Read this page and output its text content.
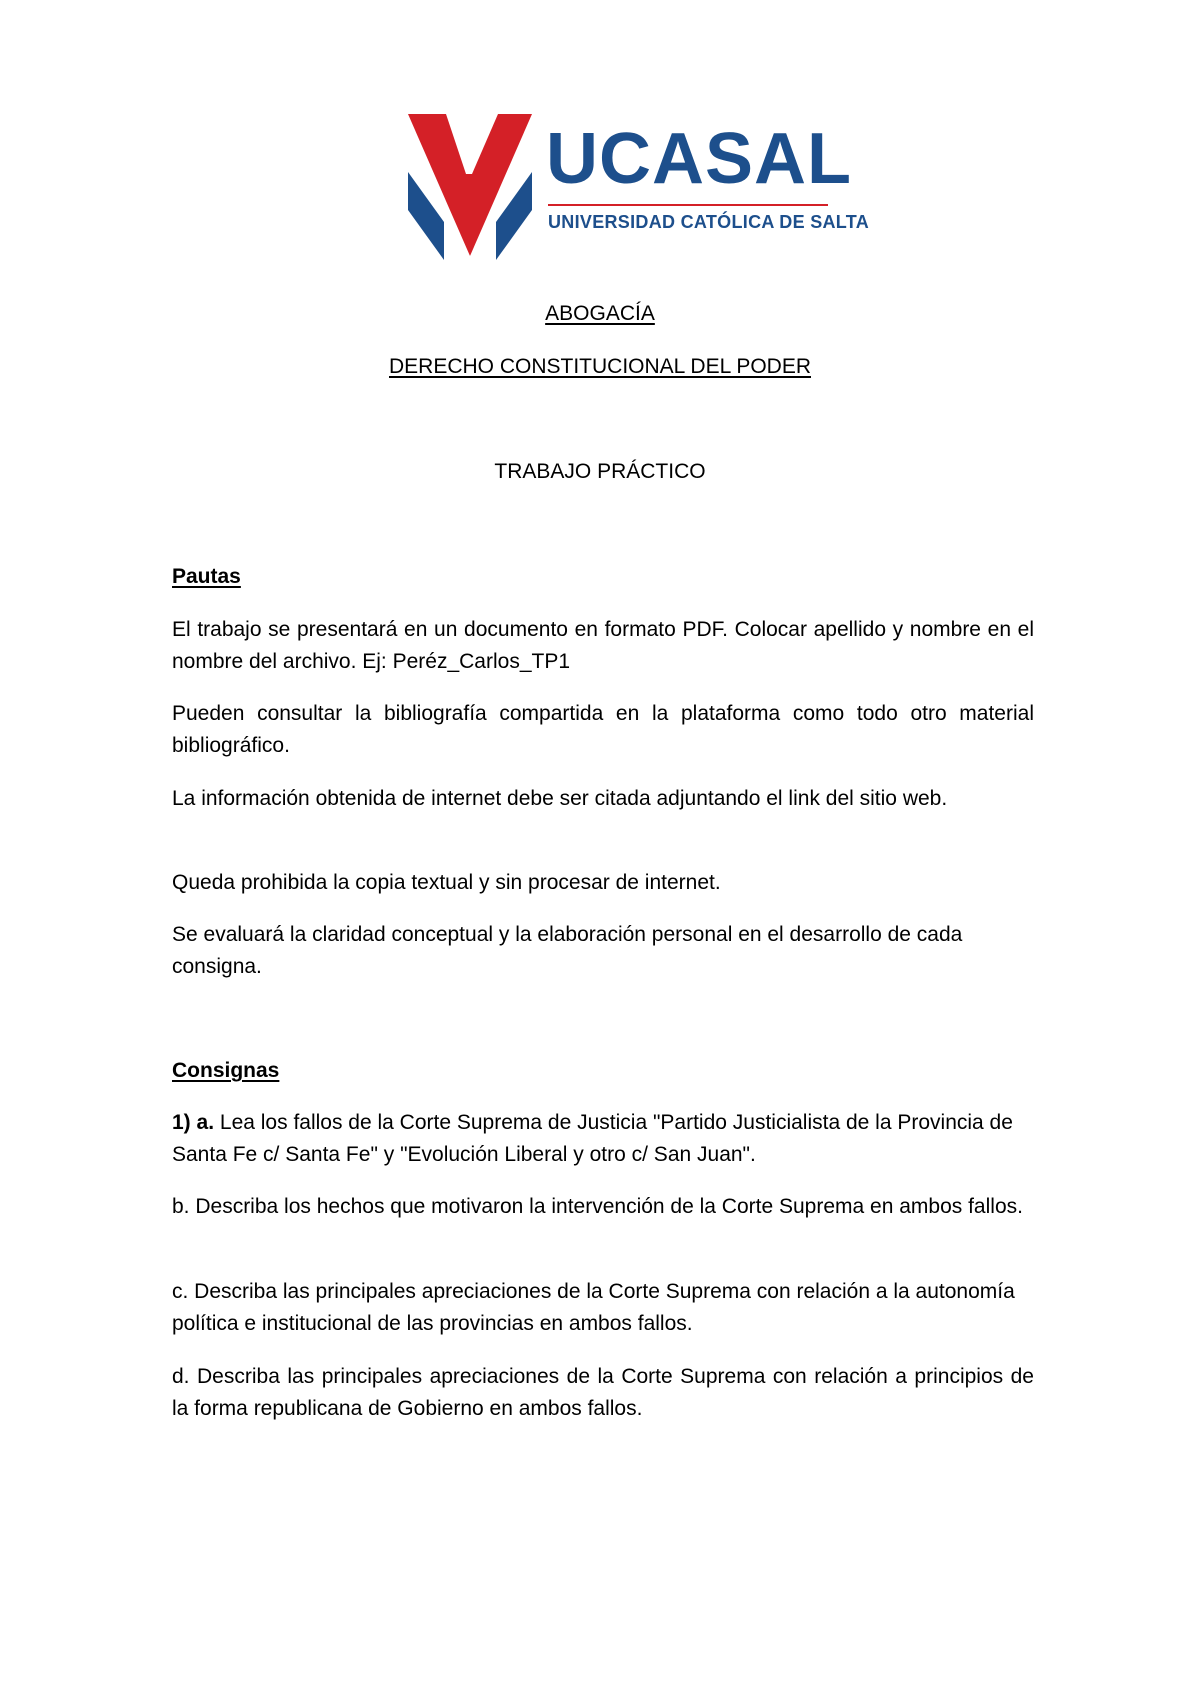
ihs UCASAL
UNIVERSIDAD CATÓLICA DE SALTA
ABOGACÍA
DERECHO CONSTITUCIONAL DEL PODER
TRABAJO PRÁCTICO
Pautas
El trabajo se presentará en un documento en formato PDF. Colocar apellido y nombre en el nombre del archivo. Ej: Peréz_Carlos_TP1
Pueden consultar la bibliografía compartida en la plataforma como todo otro material bibliográfico.
La información obtenida de internet debe ser citada adjuntando el link del sitio web.
Queda prohibida la copia textual y sin procesar de internet.
Se evaluará la claridad conceptual y la elaboración personal en el desarrollo de cada consigna.
Consignas
1) a. Lea los fallos de la Corte Suprema de Justicia "Partido Justicialista de la Provincia de Santa Fe c/ Santa Fe" y "Evolución Liberal y otro c/ San Juan".
b. Describa los hechos que motivaron la intervención de la Corte Suprema en ambos fallos.
c. Describa las principales apreciaciones de la Corte Suprema con relación a la autonomía política e institucional de las provincias en ambos fallos.
d. Describa las principales apreciaciones de la Corte Suprema con relación a principios de la forma republicana de Gobierno en ambos fallos.
